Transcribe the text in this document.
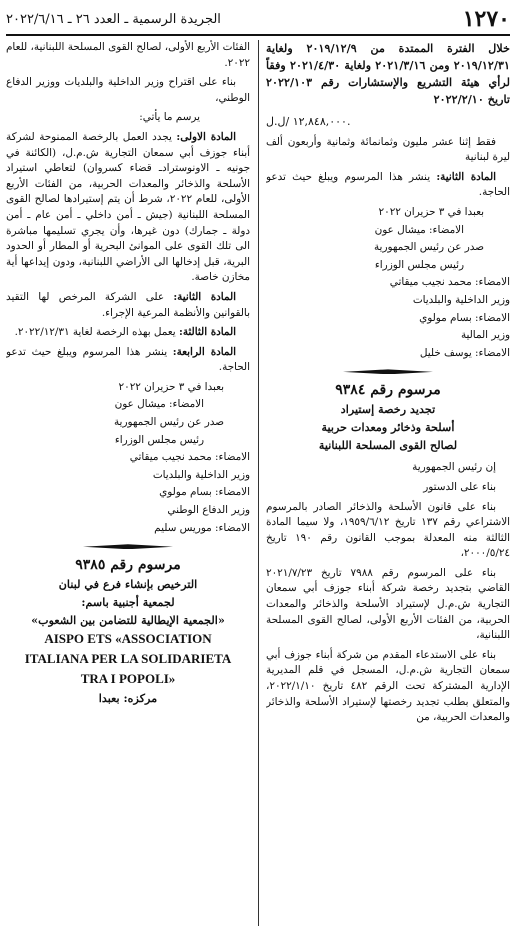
١٢٧٠
الجريدة الرسمية ـ العدد ٢٦ ـ ٢٠٢٢/٦/١٦

خلال الفترة الممتدة من ٢٠١٩/١٢/٩ ولغاية ٢٠١٩/١٢/٣١ ومن ٢٠٢١/٣/١٦ ولغاية ٢٠٢١/٤/٣٠ وفقاً لرأي هيئة التشريع والإستشارات رقم ٢٠٢٢/١٠٣ تاريخ ٢٠٢٢/٢/١٠

١٢,٨٤٨,٠٠٠ /ل.ل.

فقط إثنا عشر مليون وثمانمائة وثمانية وأربعون ألف ليرة لبنانية

المادة الثانية: ينشر هذا المرسوم ويبلغ حيث تدعو الحاجة.

بعبدا في ٣ حزيران ٢٠٢٢

الامضاء: ميشال عون

صدر عن رئيس الجمهورية

رئيس مجلس الوزراء

الامضاء: محمد نجيب ميقاتي

وزير الداخلية والبلديات

الامضاء: بسام مولوي

وزير المالية

الامضاء: يوسف خليل

مرسوم رقم ٩٣٨٤
تجديد رخصة إستيراد
أسلحة وذخائر ومعدات حربية
لصالح القوى المسلحة اللبنانية

إن رئيس الجمهورية

بناء على الدستور

بناء على قانون الأسلحة والذخائر الصادر بالمرسوم الاشتراعي رقم ١٣٧ تاريخ ١٩٥٩/٦/١٢، ولا سيما المادة الثالثة منه المعدلة بموجب القانون رقم ١٩٠ تاريخ ٢٠٠٠/٥/٢٤،

بناء على المرسوم رقم ٧٩٨٨ تاريخ ٢٠٢١/٧/٢٣ القاضي بتجديد رخصة شركة أبناء جوزف أبي سمعان التجارية ش.م.ل لإستيراد الأسلحة والذخائر والمعدات الحربية، من الفئات الأربع الأولى، لصالح القوى المسلحة اللبنانية،

بناء على الاستدعاء المقدم من شركة أبناء جوزف أبي سمعان التجارية ش.م.ل، المسجل في قلم المديرية الإدارية المشتركة تحت الرقم ٤٨٢ تاريخ ٢٠٢٢/١/١٠، والمتعلق بطلب تجديد رخصتها لإستيراد الأسلحة والذخائر والمعدات الحربية، من

الفئات الأربع الأولى، لصالح القوى المسلحة اللبنانية، للعام ٢٠٢٢.

بناء على اقتراح وزير الداخلية والبلديات ووزير الدفاع الوطني،

يرسم ما يأتي:

المادة الاولى: يجدد العمل بالرخصة الممنوحة لشركة أبناء جوزف أبي سمعان التجارية ش.م.ل، (الكائنة في جونيه ـ الاونوسترادـ قضاء كسروان) لتعاطي استيراد الأسلحة والذخائر والمعدات الحربية، من الفئات الأربع الأولى، للعام ٢٠٢٢، شرط أن يتم إستيرادها لصالح القوى المسلحة اللبنانية (جيش ـ أمن داخلي ـ أمن عام ـ أمن دولة ـ جمارك) دون غيرها، وأن يجري تسليمها مباشرة الى تلك القوى على الموانئ البحرية أو المطار أو الحدود البرية، قبل إدخالها الى الأراضي اللبنانية، ودون إيداعها أية مخازن خاصة.

المادة الثانية: على الشركة المرخص لها التقيد بالقوانين والأنظمة المرعية الإجراء.

المادة الثالثة: يعمل بهذه الرخصة لغاية ٢٠٢٢/١٢/٣١.

المادة الرابعة: ينشر هذا المرسوم ويبلغ حيث تدعو الحاجة.

بعبدا في ٣ حزيران ٢٠٢٢

الامضاء: ميشال عون

صدر عن رئيس الجمهورية

رئيس مجلس الوزراء

الامضاء: محمد نجيب ميقاتي

وزير الداخلية والبلديات

الامضاء: بسام مولوي

وزير الدفاع الوطني

الامضاء: موريس سليم

مرسوم رقم ٩٣٨٥
الترخيص بإنشاء فرع في لبنان
لجمعية أجنبية باسم:
«الجمعية الإيطالية للتضامن بين الشعوب»
AISPO ETS «ASSOCIATION
ITALIANA PER LA SOLIDARIETA
TRA I POPOLI»
مركزه: بعبدا
